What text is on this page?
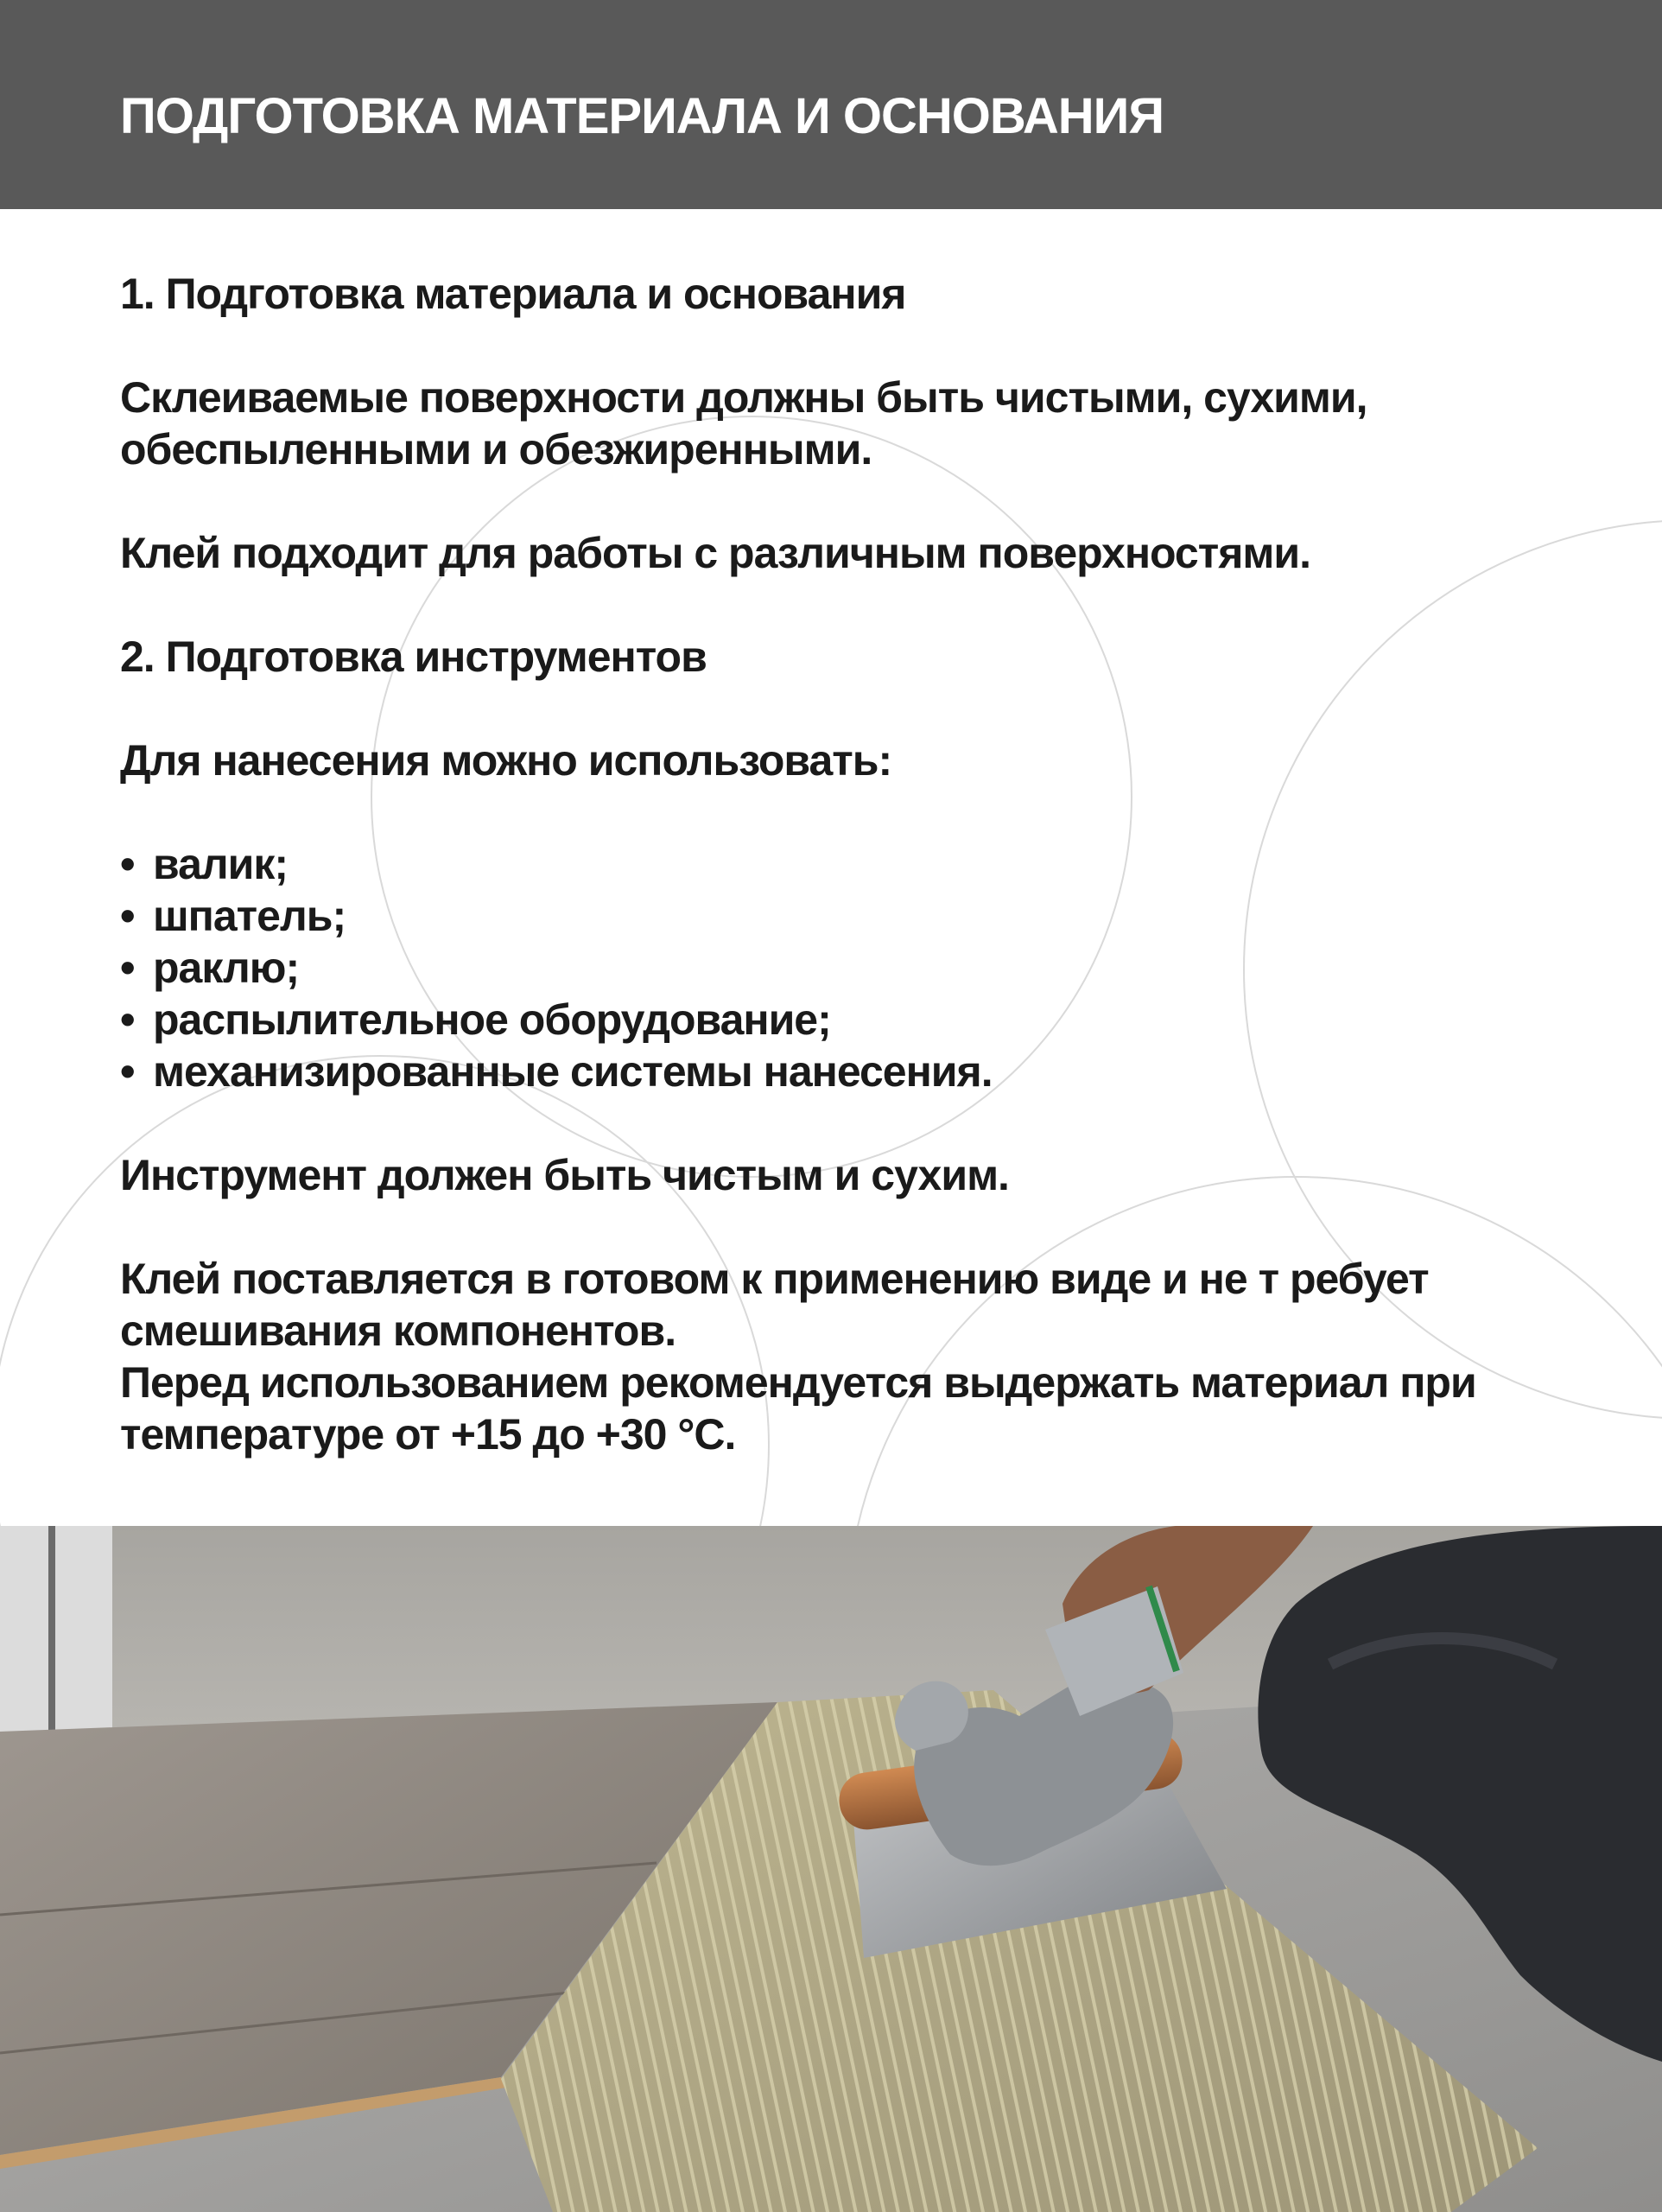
ПОДГОТОВКА МАТЕРИАЛА И ОСНОВАНИЯ

1. Подготовка материала и основания

Склеиваемые поверхности должны быть чистыми, сухими, обеспыленными и обезжиренными.

Клей подходит для работы с различным поверхностями.

2. Подготовка инструментов

Для нанесения можно использовать:

• валик;
• шпатель;
• раклю;
• распылительное оборудование;
• механизированные системы нанесения.

Инструмент должен быть чистым и сухим.

Клей поставляется в готовом к применению виде и не т ребует смешивания компонентов.

Перед использованием рекомендуется выдержать материал при температуре от +15 до +30 °C.
